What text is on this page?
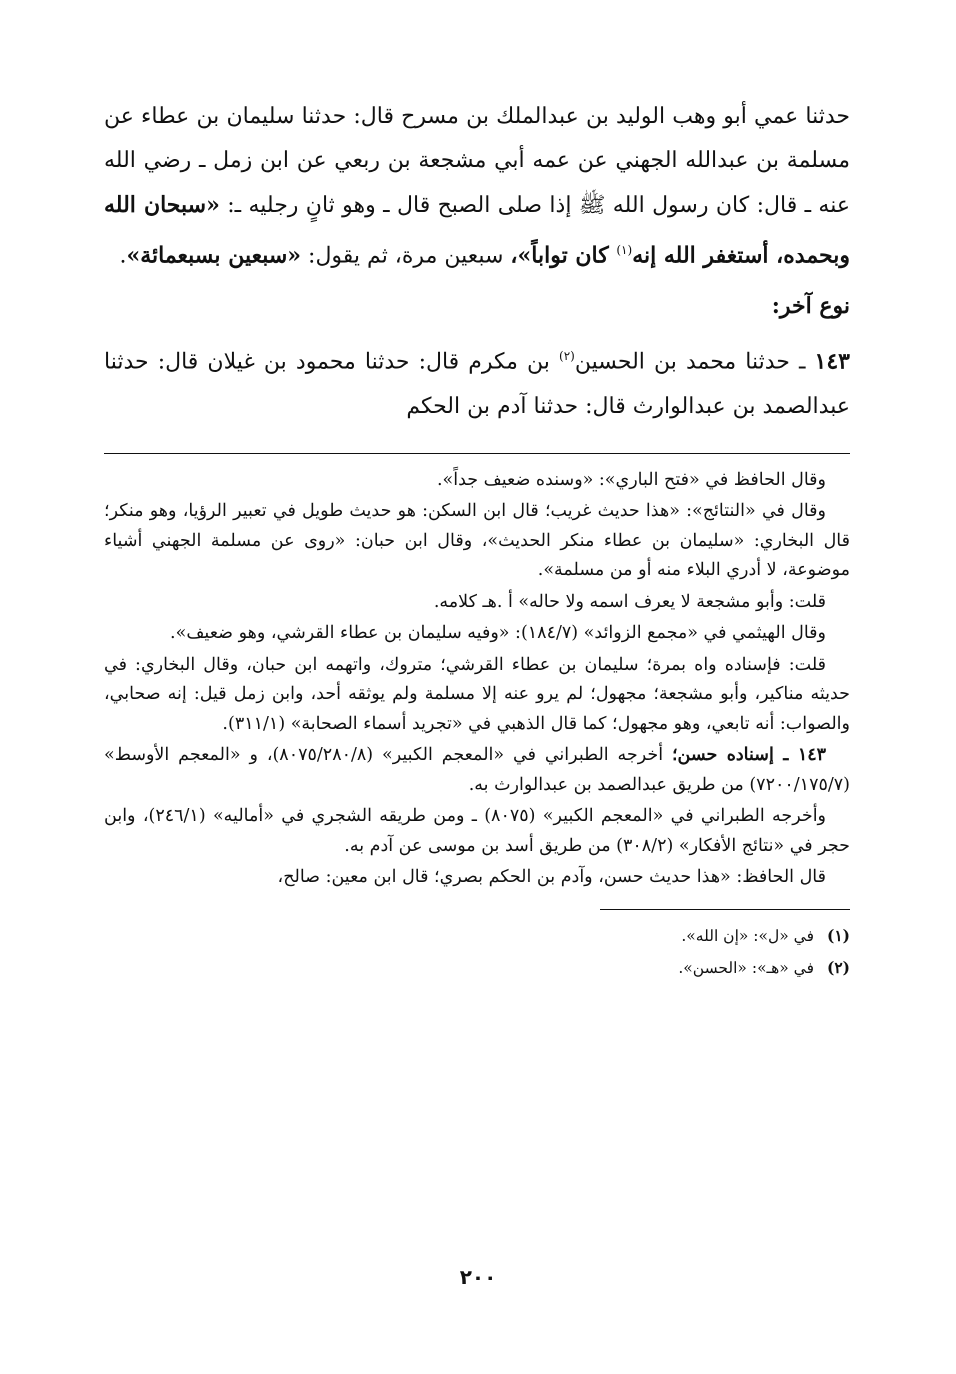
حدثنا عمي أبو وهب الوليد بن عبدالملك بن مسرح قال: حدثنا سليمان بن عطاء عن مسلمة بن عبدالله الجهني عن عمه أبي مشجعة بن ربعي عن ابن زمل ـ رضي الله عنه ـ قال: كان رسول الله ﷺ إذا صلى الصبح قال ـ وهو ثانٍ رجليه ـ: «سبحان الله وبحمده، أستغفر الله إنه$^{(١)}$ كان تواباً»، سبعين مرة، ثم يقول: «سبعين بسبعمائة».

نوع آخر:

١٤٣ ـ حدثنا محمد بن الحسين$^{(٢)}$ بن مكرم قال: حدثنا محمود بن غيلان قال: حدثنا عبدالصمد بن عبدالوارث قال: حدثنا آدم بن الحكم

وقال الحافظ في «فتح الباري»: «وسنده ضعيف جداً».

وقال في «النتائج»: «هذا حديث غريب؛ قال ابن السكن: هو حديث طويل في تعبير الرؤيا، وهو منكر؛ قال البخاري: «سليمان بن عطاء منكر الحديث»، وقال ابن حبان: «روى عن مسلمة الجهني أشياء موضوعة، لا أدري البلاء منه أو من مسلمة».

قلت: وأبو مشجعة لا يعرف اسمه ولا حاله» أ .هـ كلامه.

وقال الهيثمي في «مجمع الزوائد» (١٨٤/٧): «وفيه سليمان بن عطاء القرشي، وهو ضعيف».

قلت: فإسناده واه بمرة؛ سليمان بن عطاء القرشي؛ متروك، واتهمه ابن حبان، وقال البخاري: في حديثه مناكير، وأبو مشجعة؛ مجهول؛ لم يرو عنه إلا مسلمة ولم يوثقه أحد، وابن زمل قيل: إنه صحابي، والصواب: أنه تابعي، وهو مجهول؛ كما قال الذهبي في «تجريد أسماء الصحابة» (٣١١/١).

١٤٣ ـ إسناده حسن؛ أخرجه الطبراني في «المعجم الكبير» (٨٠٧٥/٢٨٠/٨)، و «المعجم الأوسط» (٧٢٠٠/١٧٥/٧) من طريق عبدالصمد بن عبدالوارث به.

وأخرجه الطبراني في «المعجم الكبير» (٨٠٧٥) ـ ومن طريقه الشجري في «أماليه» (٢٤٦/١)، وابن حجر في «نتائج الأفكار» (٣٠٨/٢) من طريق أسد بن موسى عن آدم به.

قال الحافظ: «هذا حديث حسن، وآدم بن الحكم بصري؛ قال ابن معين: صالح،

(١)في «ل»: «إن الله».

(٢)في «هـ»: «الحسن».

٢٠٠
